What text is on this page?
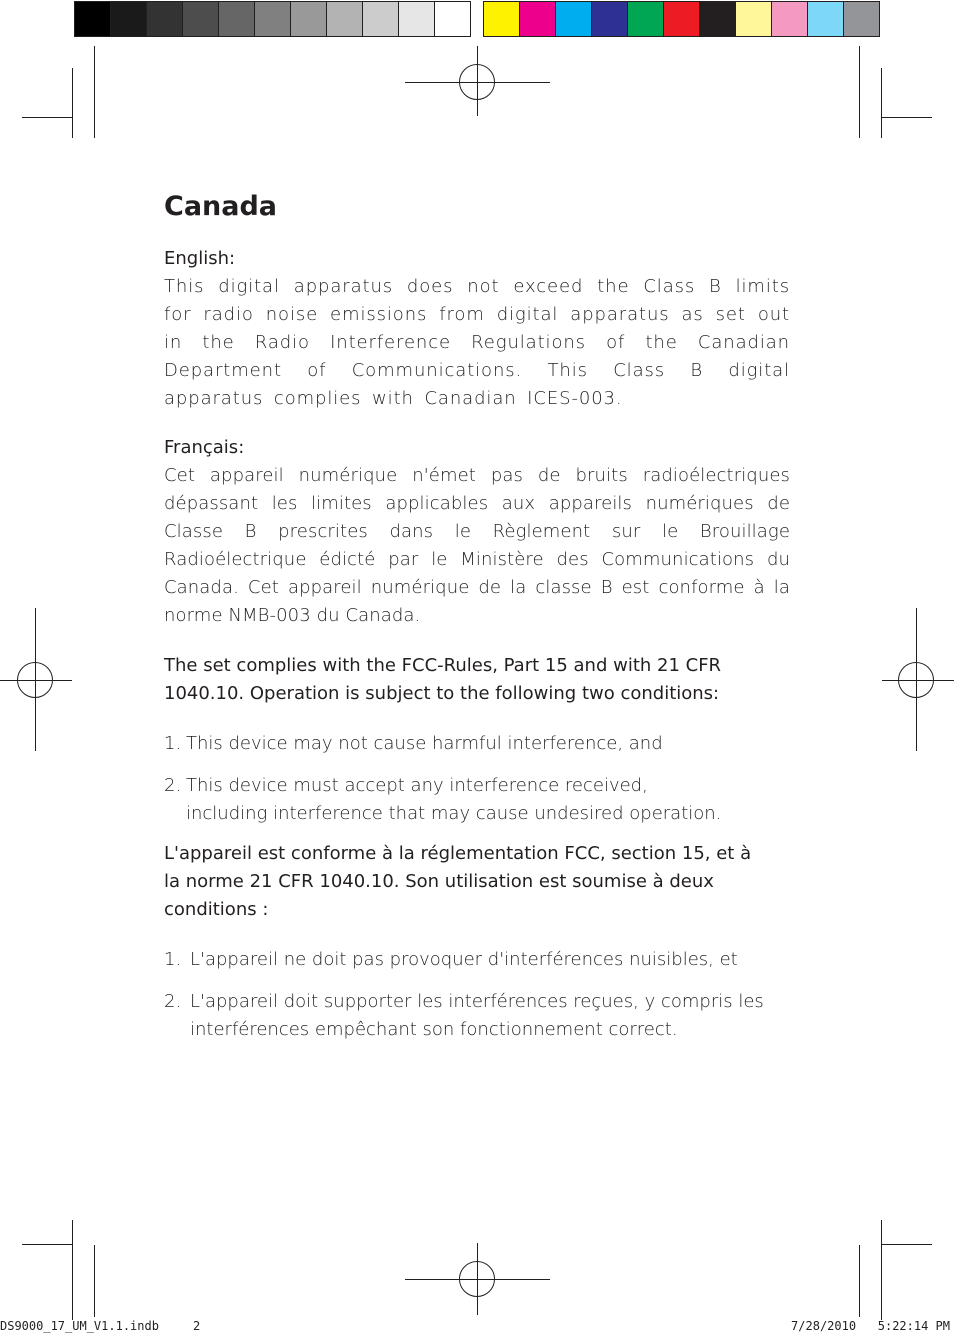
Canada
English:
This digital apparatus does not exceed the Class B limits for radio noise emissions from digital apparatus as set out in the Radio Interference Regulations of the Canadian Department of Communications. This Class B digital apparatus complies with Canadian ICES-003.
Français:
Cet appareil numérique n'émet pas de bruits radioélectriques dépassant les limites applicables aux appareils numériques de Classe B prescrites dans le Règlement sur le Brouillage Radioélectrique édicté par le Ministère des Communications du Canada. Cet appareil numérique de la classe B est conforme à la norme NMB-003 du Canada.
The set complies with the FCC-Rules, Part 15 and with 21 CFR 1040.10. Operation is subject to the following two conditions:
1. This device may not cause harmful interference, and
2. This device must accept any interference received, including interference that may cause undesired operation.
L'appareil est conforme à la réglementation FCC, section 15, et à la norme 21 CFR 1040.10. Son utilisation est soumise à deux conditions :
1. L'appareil ne doit pas provoquer d'interférences nuisibles, et
2. L'appareil doit supporter les interférences reçues, y compris les interférences empêchant son fonctionnement correct.
DS9000_17_UM_V1.1.indb	2	7/28/2010   5:22:14 PM
